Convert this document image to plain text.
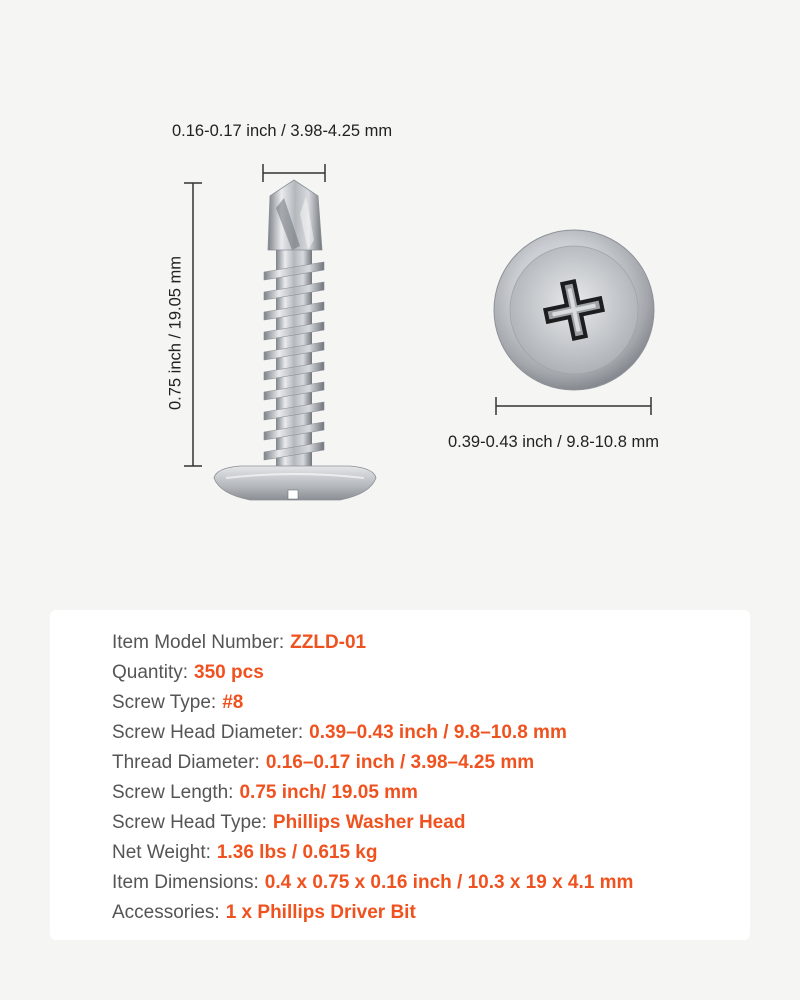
0.16-0.17 inch / 3.98-4.25 mm
0.75 inch / 19.05 mm
0.39-0.43 inch / 9.8-10.8 mm
Item Model Number: ZZLD-01
Quantity: 350 pcs
Screw Type: #8
Screw Head Diameter: 0.39–0.43 inch / 9.8–10.8 mm
Thread Diameter: 0.16–0.17 inch / 3.98–4.25 mm
Screw Length: 0.75 inch/ 19.05 mm
Screw Head Type: Phillips Washer Head
Net Weight: 1.36 lbs / 0.615 kg
Item Dimensions: 0.4 x 0.75 x 0.16 inch / 10.3 x 19 x 4.1 mm
Accessories: 1 x Phillips Driver Bit
